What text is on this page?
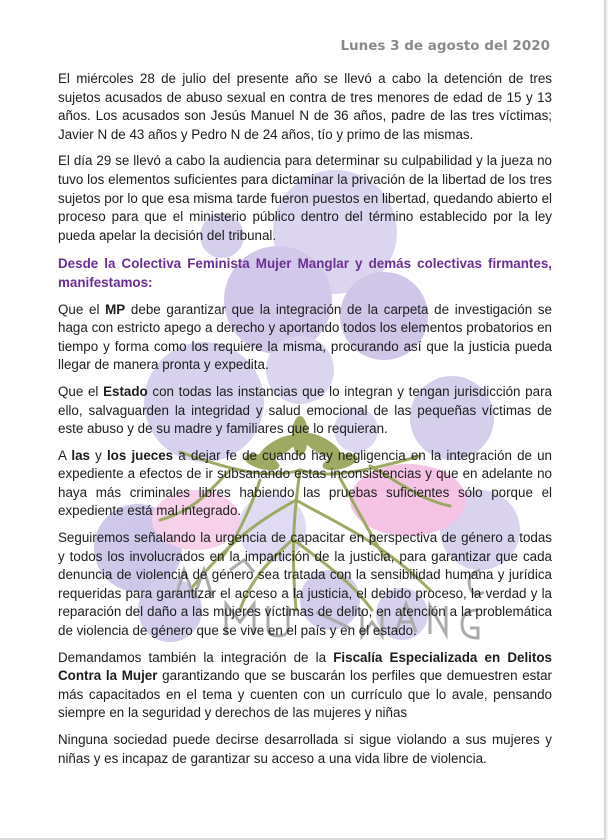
Lunes 3 de agosto del 2020

El miércoles 28 de julio del presente año se llevó a cabo la detención de tres sujetos acusados de abuso sexual en contra de tres menores de edad de 15 y 13 años. Los acusados son Jesús Manuel N de 36 años, padre de las tres víctimas; Javier N de 43 años y Pedro N de 24 años, tío y primo de las mismas.

El día 29 se llevó a cabo la audiencia para determinar su culpabilidad y la jueza no tuvo los elementos suficientes para dictaminar la privación de la libertad de los tres sujetos por lo que esa misma tarde fueron puestos en libertad, quedando abierto el proceso para que el ministerio público dentro del término establecido por la ley pueda apelar la decisión del tribunal.

Desde la Colectiva Feminista Mujer Manglar y demás colectivas firmantes, manifestamos:

Que el MP debe garantizar que la integración de la carpeta de investigación se haga con estricto apego a derecho y aportando todos los elementos probatorios en tiempo y forma como los requiere la misma, procurando así que la justicia pueda llegar de manera pronta y expedita.

Que el Estado con todas las instancias que lo integran y tengan jurisdicción para ello, salvaguarden la integridad y salud emocional de las pequeñas víctimas de este abuso y de su madre y familiares que lo requieran.

A las y los jueces a dejar fe de cuando hay negligencia en la integración de un expediente a efectos de ir subsanando estas inconsistencias y que en adelante no haya más criminales libres habiendo las pruebas suficientes sólo porque el expediente está mal integrado.

Seguiremos señalando la urgencia de capacitar en perspectiva de género a todas y todos los involucrados en la impartición de la justicia, para garantizar que cada denuncia de violencia de género sea tratada con la sensibilidad humana y jurídica requeridas para garantizar el acceso a la justicia, el debido proceso, la verdad y la reparación del daño a las mujeres víctimas de delito, en atención a la problemática de violencia de género que se vive en el país y en el estado.

Demandamos también la integración de la Fiscalía Especializada en Delitos Contra la Mujer garantizando que se buscarán los perfiles que demuestren estar más capacitados en el tema y cuenten con un currículo que lo avale, pensando siempre en la seguridad y derechos de las mujeres y niñas

Ninguna sociedad puede decirse desarrollada si sigue violando a sus mujeres y niñas y es incapaz de garantizar su acceso a una vida libre de violencia.
